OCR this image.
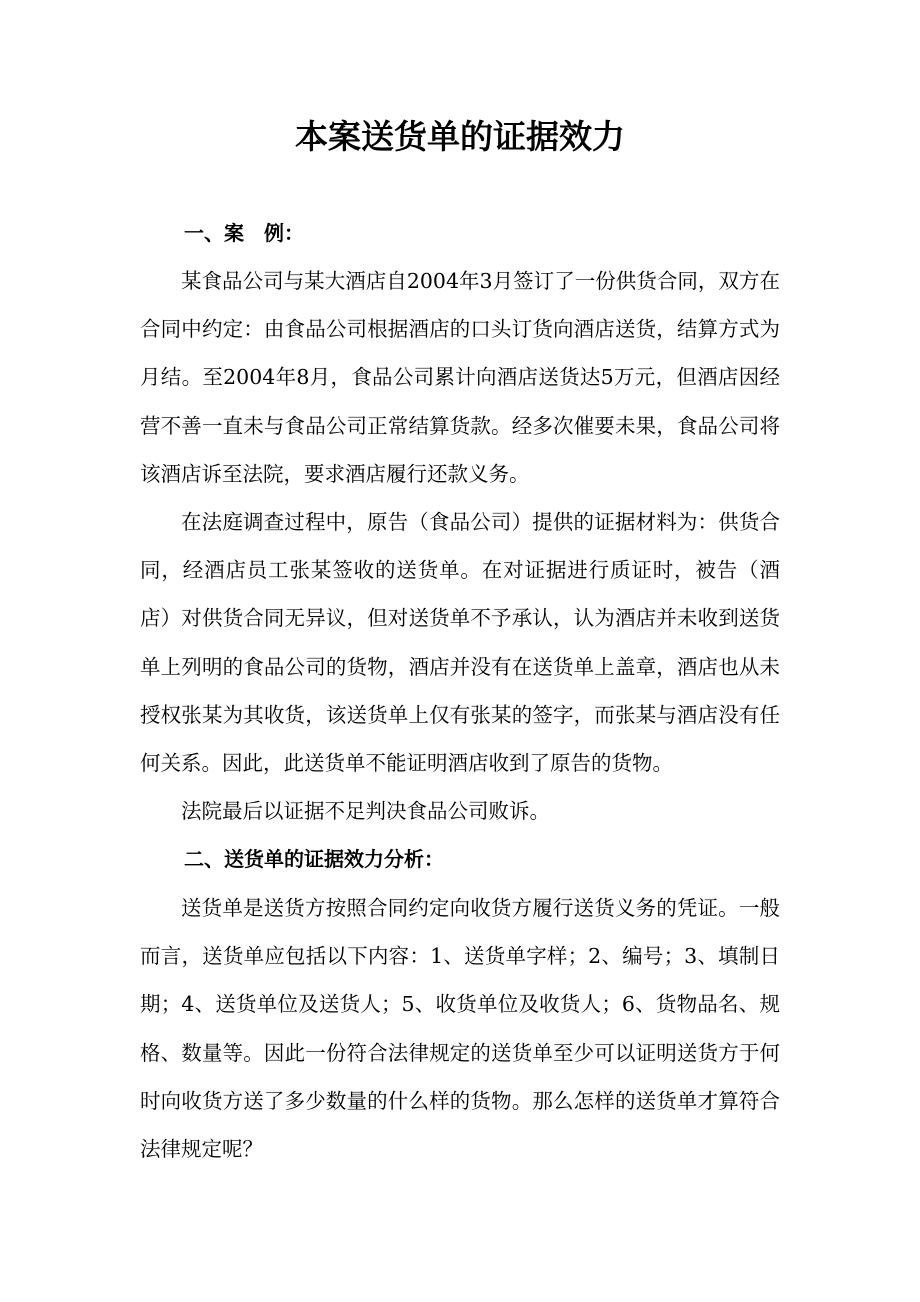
本案送货单的证据效力
一、案　例：

某食品公司与某大酒店自2004年3月签订了一份供货合同，双方在合同中约定：由食品公司根据酒店的口头订货向酒店送货，结算方式为月结。至2004年8月，食品公司累计向酒店送货达5万元，但酒店因经营不善一直未与食品公司正常结算货款。经多次催要未果，食品公司将该酒店诉至法院，要求酒店履行还款义务。

在法庭调查过程中，原告（食品公司）提供的证据材料为：供货合同，经酒店员工张某签收的送货单。在对证据进行质证时，被告（酒店）对供货合同无异议，但对送货单不予承认，认为酒店并未收到送货单上列明的食品公司的货物，酒店并没有在送货单上盖章，酒店也从未授权张某为其收货，该送货单上仅有张某的签字，而张某与酒店没有任何关系。因此，此送货单不能证明酒店收到了原告的货物。

法院最后以证据不足判决食品公司败诉。

二、送货单的证据效力分析：

送货单是送货方按照合同约定向收货方履行送货义务的凭证。一般而言，送货单应包括以下内容：1、送货单字样；2、编号；3、填制日期；4、送货单位及送货人；5、收货单位及收货人；6、货物品名、规格、数量等。因此一份符合法律规定的送货单至少可以证明送货方于何时向收货方送了多少数量的什么样的货物。那么怎样的送货单才算符合法律规定呢？
